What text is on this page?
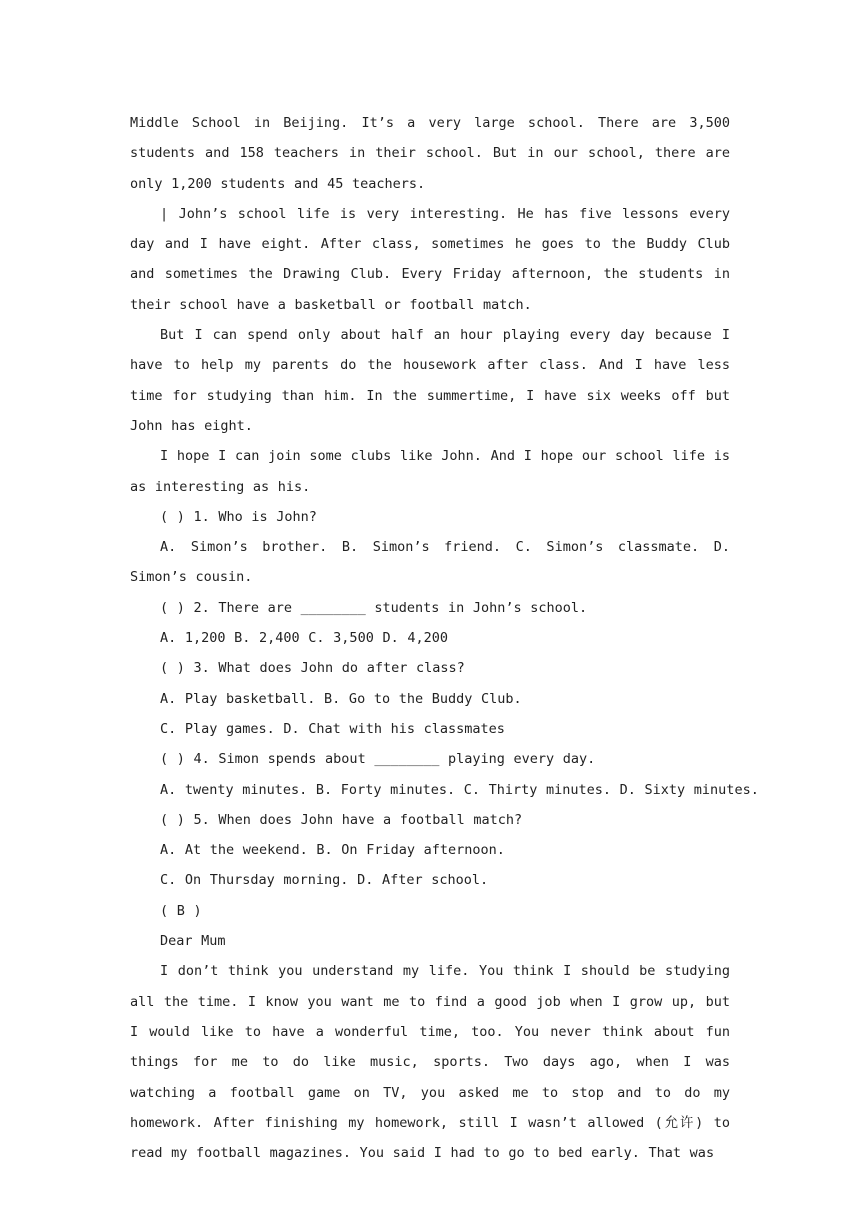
Middle School in Beijing. It’s a very large school. There are 3,500 students and 158 teachers in their school. But in our school, there are only 1,200 students and 45 teachers.

| John’s school life is very interesting. He has five lessons every day and I have eight. After class, sometimes he goes to the Buddy Club and sometimes the Drawing Club. Every Friday afternoon, the students in their school have a basketball or football match.

But I can spend only about half an hour playing every day because I have to help my parents do the housework after class. And I have less time for studying than him. In the summertime, I have six weeks off but John has eight.

I hope I can join some clubs like John. And I hope our school life is as interesting as his.

( ) 1. Who is John?

A. Simon’s brother. B. Simon’s friend. C. Simon’s classmate. D. Simon’s cousin.

( ) 2. There are ________ students in John’s school.

A. 1,200 B. 2,400 C. 3,500 D. 4,200

( ) 3. What does John do after class?

A. Play basketball. B. Go to the Buddy Club.

C. Play games. D. Chat with his classmates

( ) 4. Simon spends about ________ playing every day.

A. twenty minutes. B. Forty minutes. C. Thirty minutes. D. Sixty minutes.

( ) 5. When does John have a football match?

A. At the weekend. B. On Friday afternoon.

C. On Thursday morning. D. After school.

( B )

Dear Mum

I don’t think you understand my life. You think I should be studying all the time. I know you want me to find a good job when I grow up, but I would like to have a wonderful time, too. You never think about fun things for me to do like music, sports. Two days ago, when I was watching a football game on TV, you asked me to stop and to do my homework. After finishing my homework, still I wasn’t allowed (允许) to read my football magazines. You said I had to go to bed early. That was
